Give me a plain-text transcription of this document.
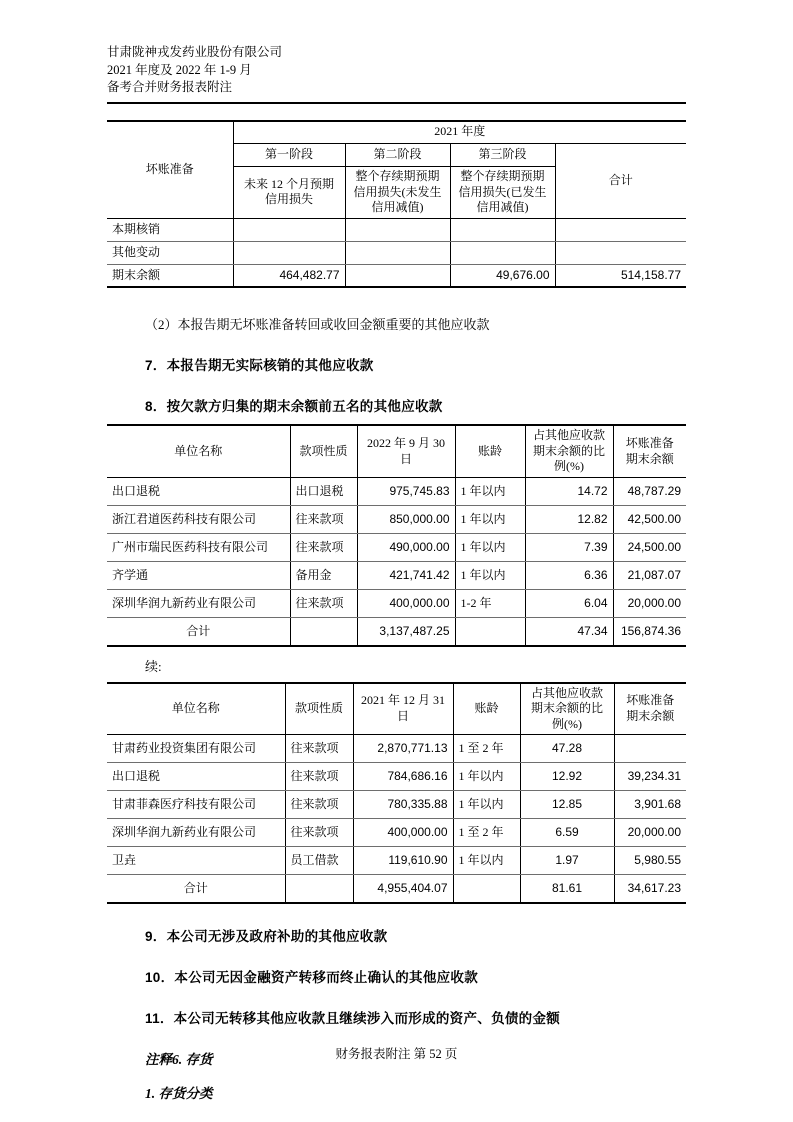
甘肃陇神戎发药业股份有限公司
2021 年度及 2022 年 1-9 月
备考合并财务报表附注
坏账准备	2021 年度			
	第一阶段	第二阶段	第三阶段	合计
	未来 12 个月预期信用损失	整个存续期预期信用损失(未发生信用减值)	整个存续期预期信用损失(已发生信用减值)	
本期核销				
其他变动				
期末余额	464,482.77		49,676.00	514,158.77
（2）本报告期无坏账准备转回或收回金额重要的其他应收款
7．本报告期无实际核销的其他应收款
8．按欠款方归集的期末余额前五名的其他应收款
单位名称	款项性质	2022 年 9 月 30 日	账龄	占其他应收款期末余额的比例(%)	坏账准备期末余额
出口退税	出口退税	975,745.83	1 年以内	14.72	48,787.29
浙江君道医药科技有限公司	往来款项	850,000.00	1 年以内	12.82	42,500.00
广州市瑞民医药科技有限公司	往来款项	490,000.00	1 年以内	7.39	24,500.00
齐学通	备用金	421,741.42	1 年以内	6.36	21,087.07
深圳华润九新药业有限公司	往来款项	400,000.00	1-2 年	6.04	20,000.00
合计		3,137,487.25		47.34	156,874.36
续:
单位名称	款项性质	2021 年 12 月 31 日	账龄	占其他应收款期末余额的比例(%)	坏账准备期末余额
甘肃药业投资集团有限公司	往来款项	2,870,771.13	1 至 2 年	47.28	
出口退税	往来款项	784,686.16	1 年以内	12.92	39,234.31
甘肃菲森医疗科技有限公司	往来款项	780,335.88	1 年以内	12.85	3,901.68
深圳华润九新药业有限公司	往来款项	400,000.00	1 至 2 年	6.59	20,000.00
卫垚	员工借款	119,610.90	1 年以内	1.97	5,980.55
合计		4,955,404.07		81.61	34,617.23
9．本公司无涉及政府补助的其他应收款
10．本公司无因金融资产转移而终止确认的其他应收款
11．本公司无转移其他应收款且继续涉入而形成的资产、负债的金额
注释6. 存货
1. 存货分类
财务报表附注 第 52 页
